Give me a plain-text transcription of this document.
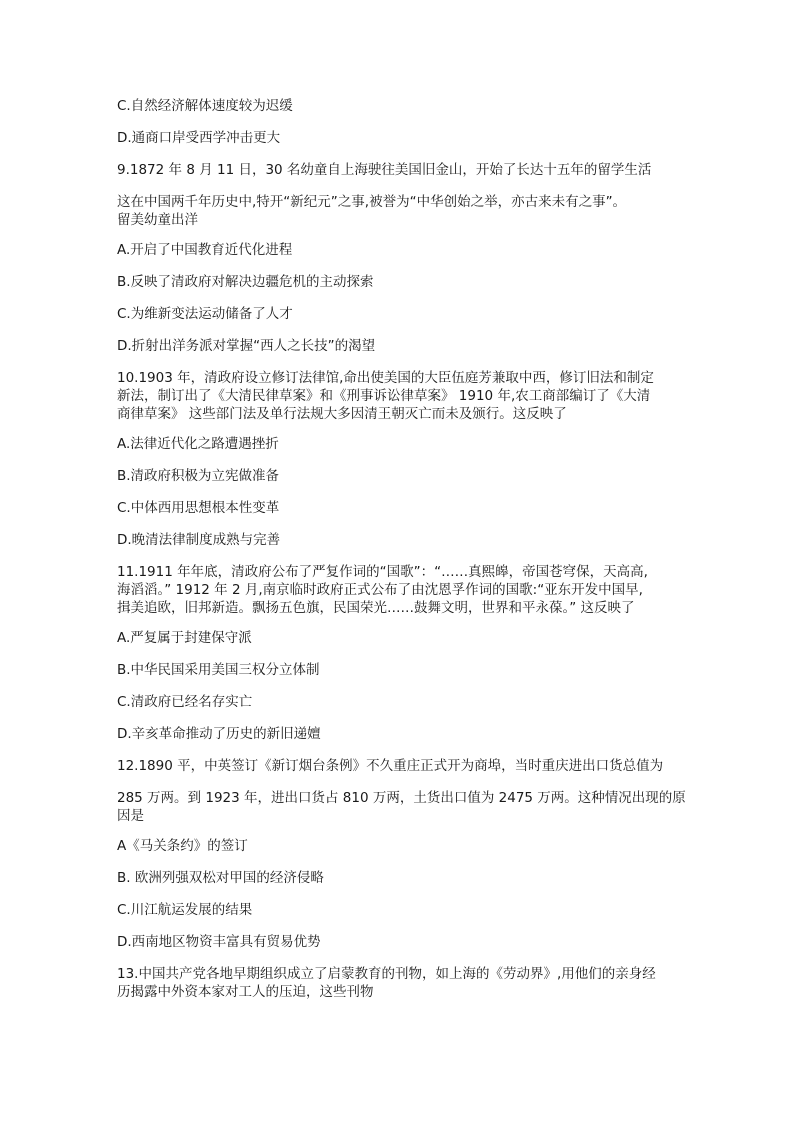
C.自然经济解体速度较为迟缓
D.通商口岸受西学冲击更大
9.1872 年 8 月 11 日，30 名幼童自上海驶往美国旧金山，开始了长达十五年的留学生活
这在中国两千年历史中,特开“新纪元”之事,被誉为“中华创始之举，亦古来未有之事”。
留美幼童出洋
A.开启了中国教育近代化进程
B.反映了清政府对解决边疆危机的主动探索
C.为维新变法运动储备了人才
D.折射出洋务派对掌握“西人之长技”的渴望
10.1903 年，清政府设立修订法律馆,命出使美国的大臣伍庭芳兼取中西，修订旧法和制定
新法，制订出了《大清民律草案》和《刑事诉讼律草案》 1910 年,农工商部编订了《大清
商律草案》 这些部门法及单行法规大多因清王朝灭亡而未及颁行。这反映了
A.法律近代化之路遭遇挫折
B.清政府积极为立宪做准备
C.中体西用思想根本性变革
D.晚清法律制度成熟与完善
11.1911 年年底，清政府公布了严复作词的“国歌”：“……真熙皞，帝国苍穹保，天高高,
海滔滔。” 1912 年 2 月,南京临时政府正式公布了由沈恩孚作词的国歌:“亚东开发中国早,
揖美追欧，旧邦新造。飘扬五色旗，民国荣光……鼓舞文明，世界和平永葆。” 这反映了
A.严复属于封建保守派
B.中华民国采用美国三权分立体制
C.清政府已经名存实亡
D.辛亥革命推动了历史的新旧递嬗
12.1890 平，中英签订《新订烟台条例》不久重庄正式开为商埠，当时重庆进出口货总值为
285 万两。到 1923 年，进出口货占 810 万两，土货出口值为 2475 万两。这种情况出现的原
因是
A《马关条约》的签订
B. 欧洲列强双松对甲国的经济侵略
C.川江航运发展的结果
D.西南地区物资丰富具有贸易优势
13.中国共产党各地早期组织成立了启蒙教育的刊物，如上海的《劳动界》,用他们的亲身经
历揭露中外资本家对工人的压迫，这些刊物
